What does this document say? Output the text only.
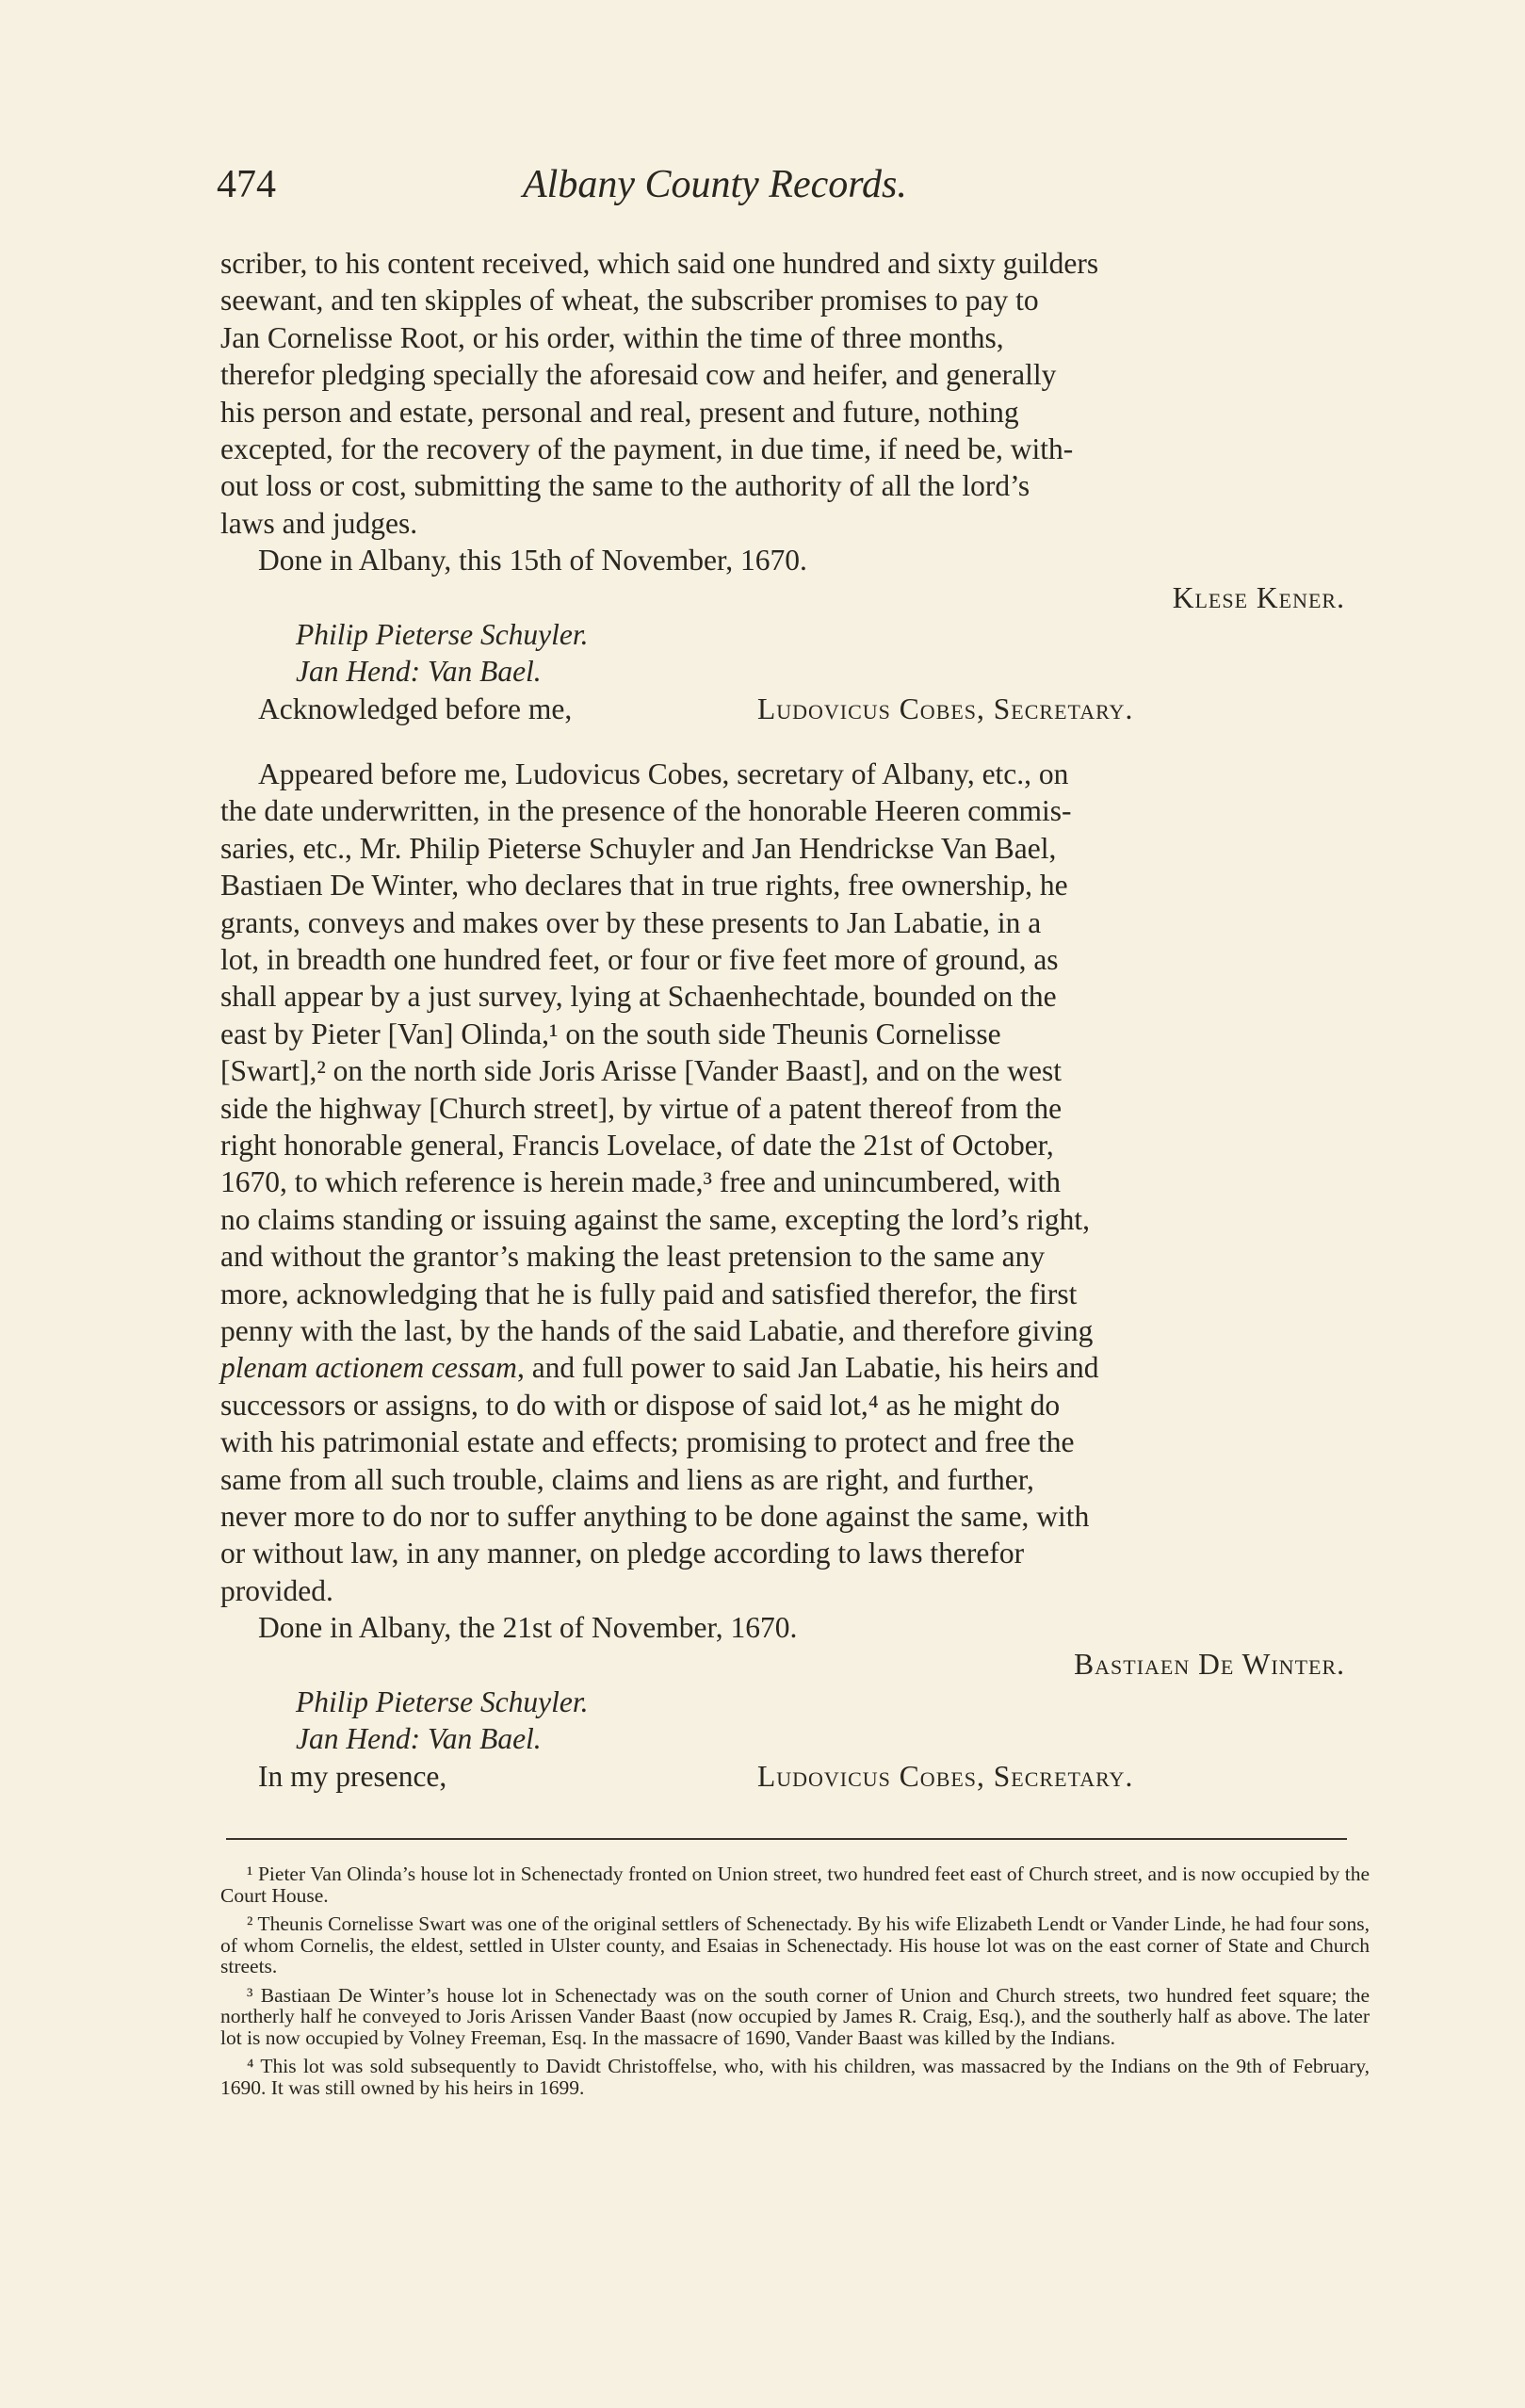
474	Albany County Records.
scriber, to his content received, which said one hundred and sixty guilders
seewant, and ten skipples of wheat, the subscriber promises to pay to
Jan Cornelisse Root, or his order, within the time of three months,
therefor pledging specially the aforesaid cow and heifer, and generally
his person and estate, personal and real, present and future, nothing
excepted, for the recovery of the payment, in due time, if need be, with-
out loss or cost, submitting the same to the authority of all the lord’s
laws and judges.
Done in Albany, this 15th of November, 1670.
Klese Kener.
Philip Pieterse Schuyler.
Jan Hend: Van Bael.
Acknowledged before me,	Ludovicus Cobes, Secretary.
Appeared before me, Ludovicus Cobes, secretary of Albany, etc., on
the date underwritten, in the presence of the honorable Heeren commis-
saries, etc., Mr. Philip Pieterse Schuyler and Jan Hendrickse Van Bael,
Bastiaen De Winter, who declares that in true rights, free ownership, he
grants, conveys and makes over by these presents to Jan Labatie, in a
lot, in breadth one hundred feet, or four or five feet more of ground, as
shall appear by a just survey, lying at Schaenhechtade, bounded on the
east by Pieter [Van] Olinda,¹ on the south side Theunis Cornelisse
[Swart],² on the north side Joris Arisse [Vander Baast], and on the west
side the highway [Church street], by virtue of a patent thereof from the
right honorable general, Francis Lovelace, of date the 21st of October,
1670, to which reference is herein made,³ free and unincumbered, with
no claims standing or issuing against the same, excepting the lord’s right,
and without the grantor’s making the least pretension to the same any
more, acknowledging that he is fully paid and satisfied therefor, the first
penny with the last, by the hands of the said Labatie, and therefore giving
plenam actionem cessam, and full power to said Jan Labatie, his heirs and
successors or assigns, to do with or dispose of said lot,⁴ as he might do
with his patrimonial estate and effects; promising to protect and free the
same from all such trouble, claims and liens as are right, and further,
never more to do nor to suffer anything to be done against the same, with
or without law, in any manner, on pledge according to laws therefor
provided.
Done in Albany, the 21st of November, 1670.
Bastiaen De Winter.
Philip Pieterse Schuyler.
Jan Hend: Van Bael.
In my presence,	Ludovicus Cobes, Secretary.

¹ Pieter Van Olinda’s house lot in Schenectady fronted on Union street, two hundred feet east of Church street, and is now occupied by the Court House.

² Theunis Cornelisse Swart was one of the original settlers of Schenectady. By his wife Elizabeth Lendt or Vander Linde, he had four sons, of whom Cornelis, the eldest, settled in Ulster county, and Esaias in Schenectady. His house lot was on the east corner of State and Church streets.

³ Bastiaan De Winter’s house lot in Schenectady was on the south corner of Union and Church streets, two hundred feet square; the northerly half he conveyed to Joris Arissen Vander Baast (now occupied by James R. Craig, Esq.), and the southerly half as above. The later lot is now occupied by Volney Freeman, Esq. In the massacre of 1690, Vander Baast was killed by the Indians.

⁴ This lot was sold subsequently to Davidt Christoffelse, who, with his children, was massacred by the Indians on the 9th of February, 1690. It was still owned by his heirs in 1699.
